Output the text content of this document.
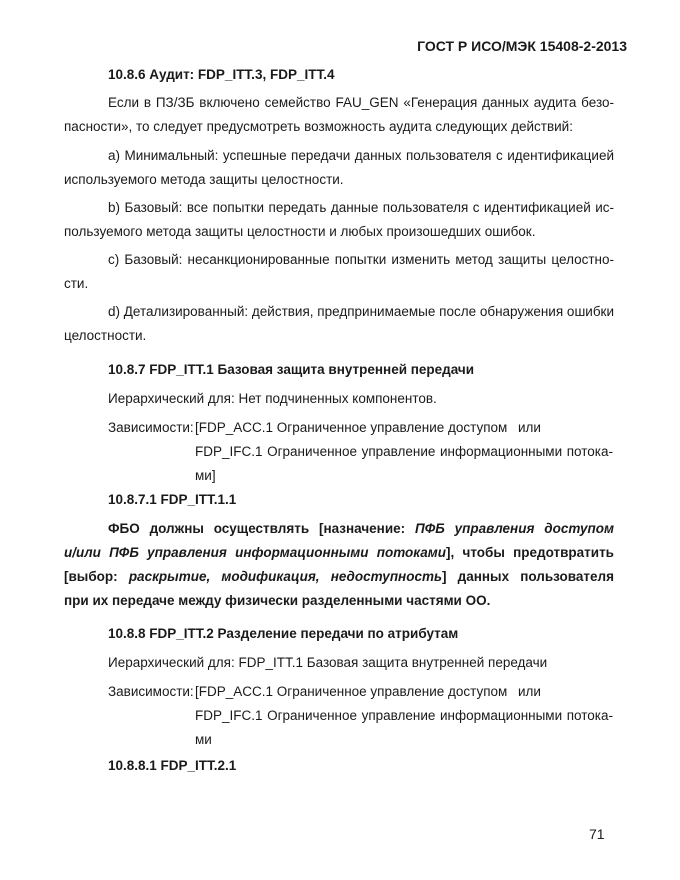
ГОСТ Р ИСО/МЭК 15408-2-2013
10.8.6 Аудит: FDP_ITT.3, FDP_ITT.4
Если в ПЗ/ЗБ включено семейство FAU_GEN «Генерация данных аудита безо-
пасности», то следует предусмотреть возможность аудита следующих действий:
a) Минимальный: успешные передачи данных пользователя с идентификацией
используемого метода защиты целостности.
b) Базовый: все попытки передать данные пользователя с идентификацией ис-
пользуемого метода защиты целостности и любых произошедших ошибок.
c) Базовый: несанкционированные попытки изменить метод защиты целостно-
сти.
d) Детализированный: действия, предпринимаемые после обнаружения ошибки
целостности.
10.8.7 FDP_ITT.1 Базовая защита внутренней передачи
Иерархический для: Нет подчиненных компонентов.
Зависимости: [FDP_ACC.1 Ограниченное управление доступом или
FDP_IFC.1 Ограниченное управление информационными потока-
ми]
10.8.7.1 FDP_ITT.1.1
ФБО должны осуществлять [назначение: ПФБ управления доступом
и/или ПФБ управления информационными потоками], чтобы предотвратить
[выбор: раскрытие, модификация, недоступность] данных пользователя
при их передаче между физически разделенными частями ОО.
10.8.8 FDP_ITT.2 Разделение передачи по атрибутам
Иерархический для: FDP_ITT.1 Базовая защита внутренней передачи
Зависимости: [FDP_ACC.1 Ограниченное управление доступом или
FDP_IFC.1 Ограниченное управление информационными потока-
ми
10.8.8.1 FDP_ITT.2.1
71
